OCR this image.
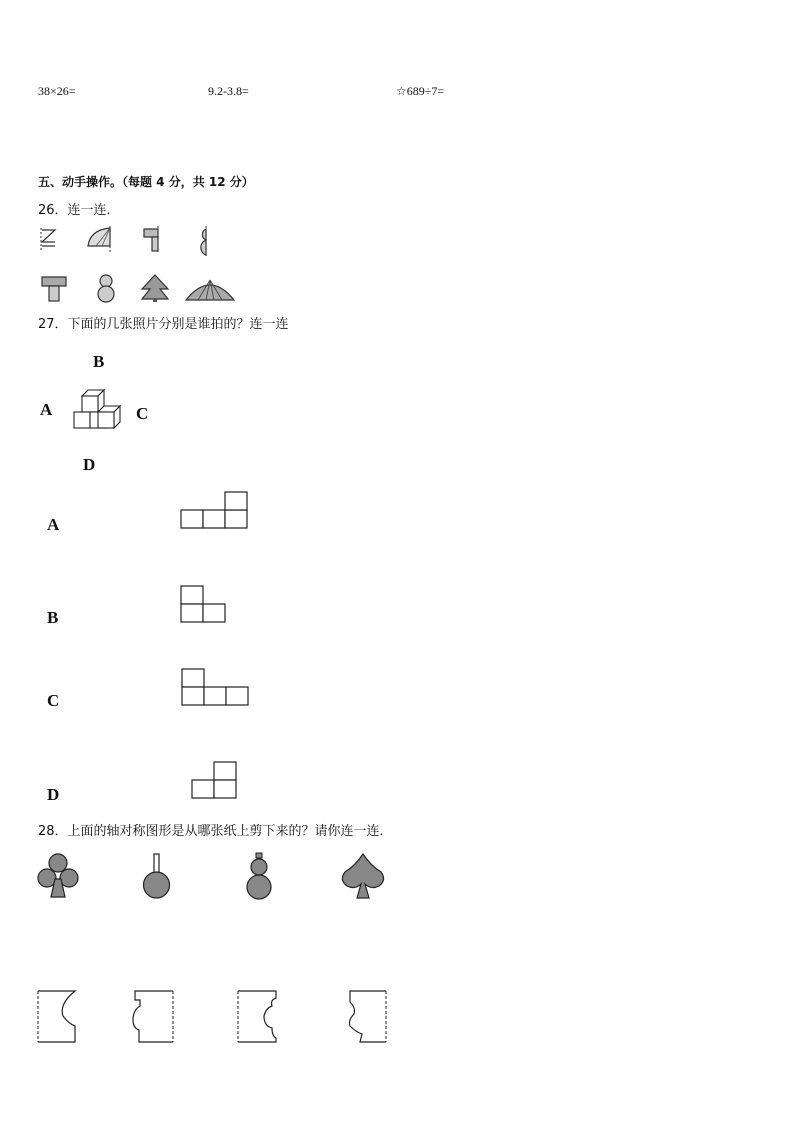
38×26=	9.2-3.8=	☆689÷7=
五、动手操作。（每题 4 分，共 12 分）
26．连一连．
27．下面的几张照片分别是谁拍的？连一连
B
A	C
D
A
B
C
D
28．上面的轴对称图形是从哪张纸上剪下来的？请你连一连．
